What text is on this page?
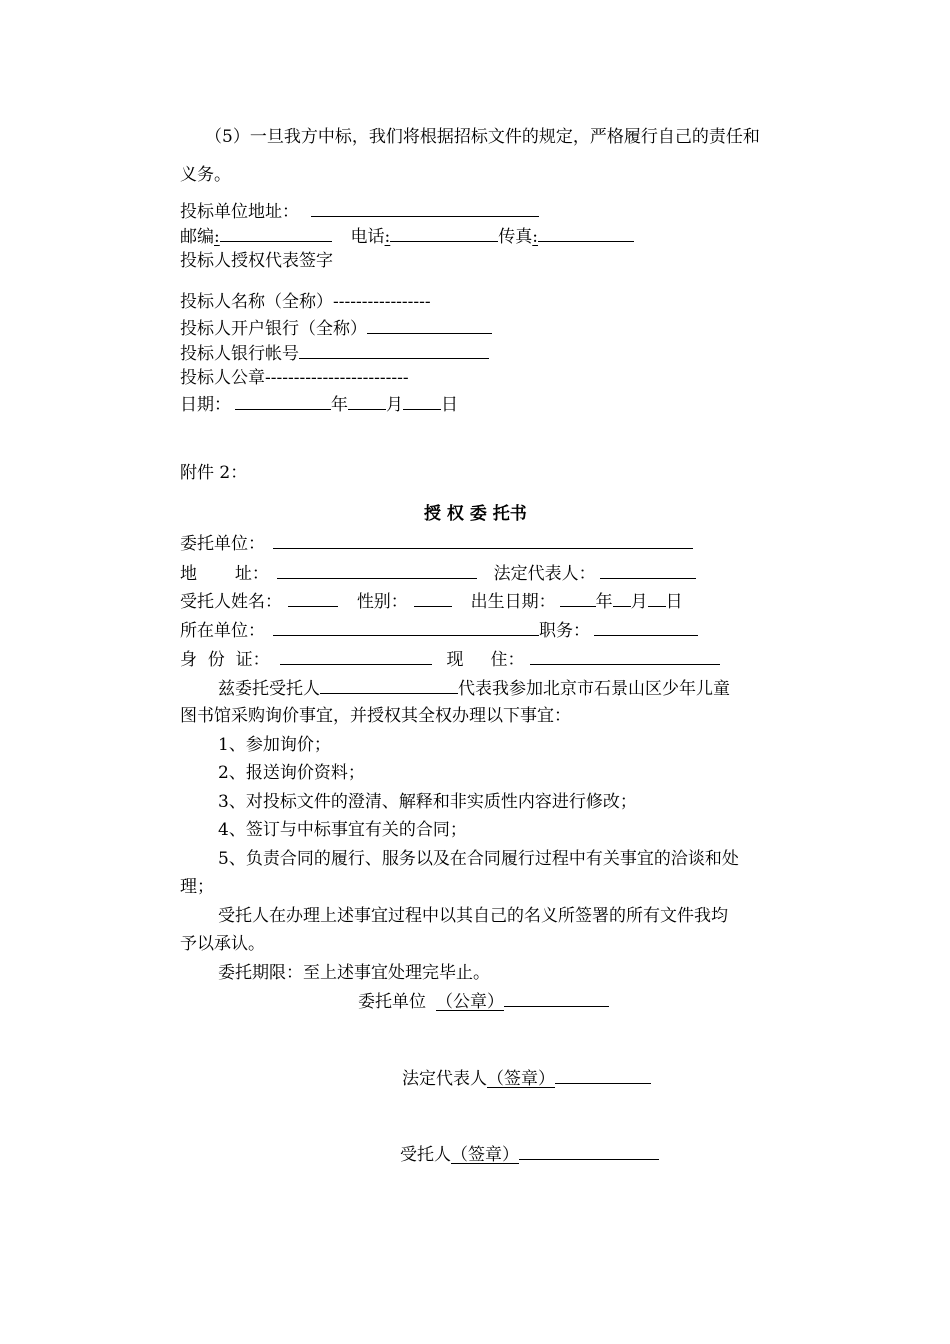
（5）一旦我方中标，我们将根据招标文件的规定，严格履行自己的责任和
义务。
投标单位地址：
邮编:	电话:	传真:
投标人授权代表签字
投标人名称（全称）-----------------
投标人开户银行（全称）
投标人银行帐号
投标人公章-------------------------
日期：	年 月 日
附件 2：
授 权 委 托书
委托单位：
地       址：	法定代表人：
受托人姓名：	性别：	出生日期： 年 月 日
所在单位：	职务：
身  份  证：	现     住：
兹委托受托人	代表我参加北京市石景山区少年儿童
图书馆采购询价事宜，并授权其全权办理以下事宜：
1、参加询价；
2、报送询价资料；
3、对投标文件的澄清、解释和非实质性内容进行修改；
4、签订与中标事宜有关的合同；
5、负责合同的履行、服务以及在合同履行过程中有关事宜的洽谈和处
理；
受托人在办理上述事宜过程中以其自己的名义所签署的所有文件我均
予以承认。
委托期限：至上述事宜处理完毕止。
委托单位 （公章）
法定代表人（签章）
受托人（签章）
